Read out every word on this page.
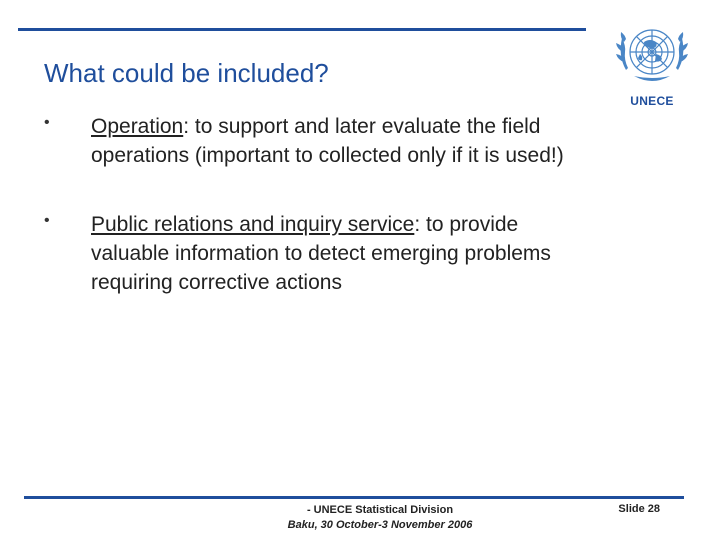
What could be included?
UNECE
• Operation: to support and later evaluate the field
operations (important to collected only if it is used!)
• Public relations and inquiry service: to provide
valuable information to detect emerging problems
requiring corrective actions
- UNECE Statistical Division
Baku, 30 October-3 November 2006
Slide 28
